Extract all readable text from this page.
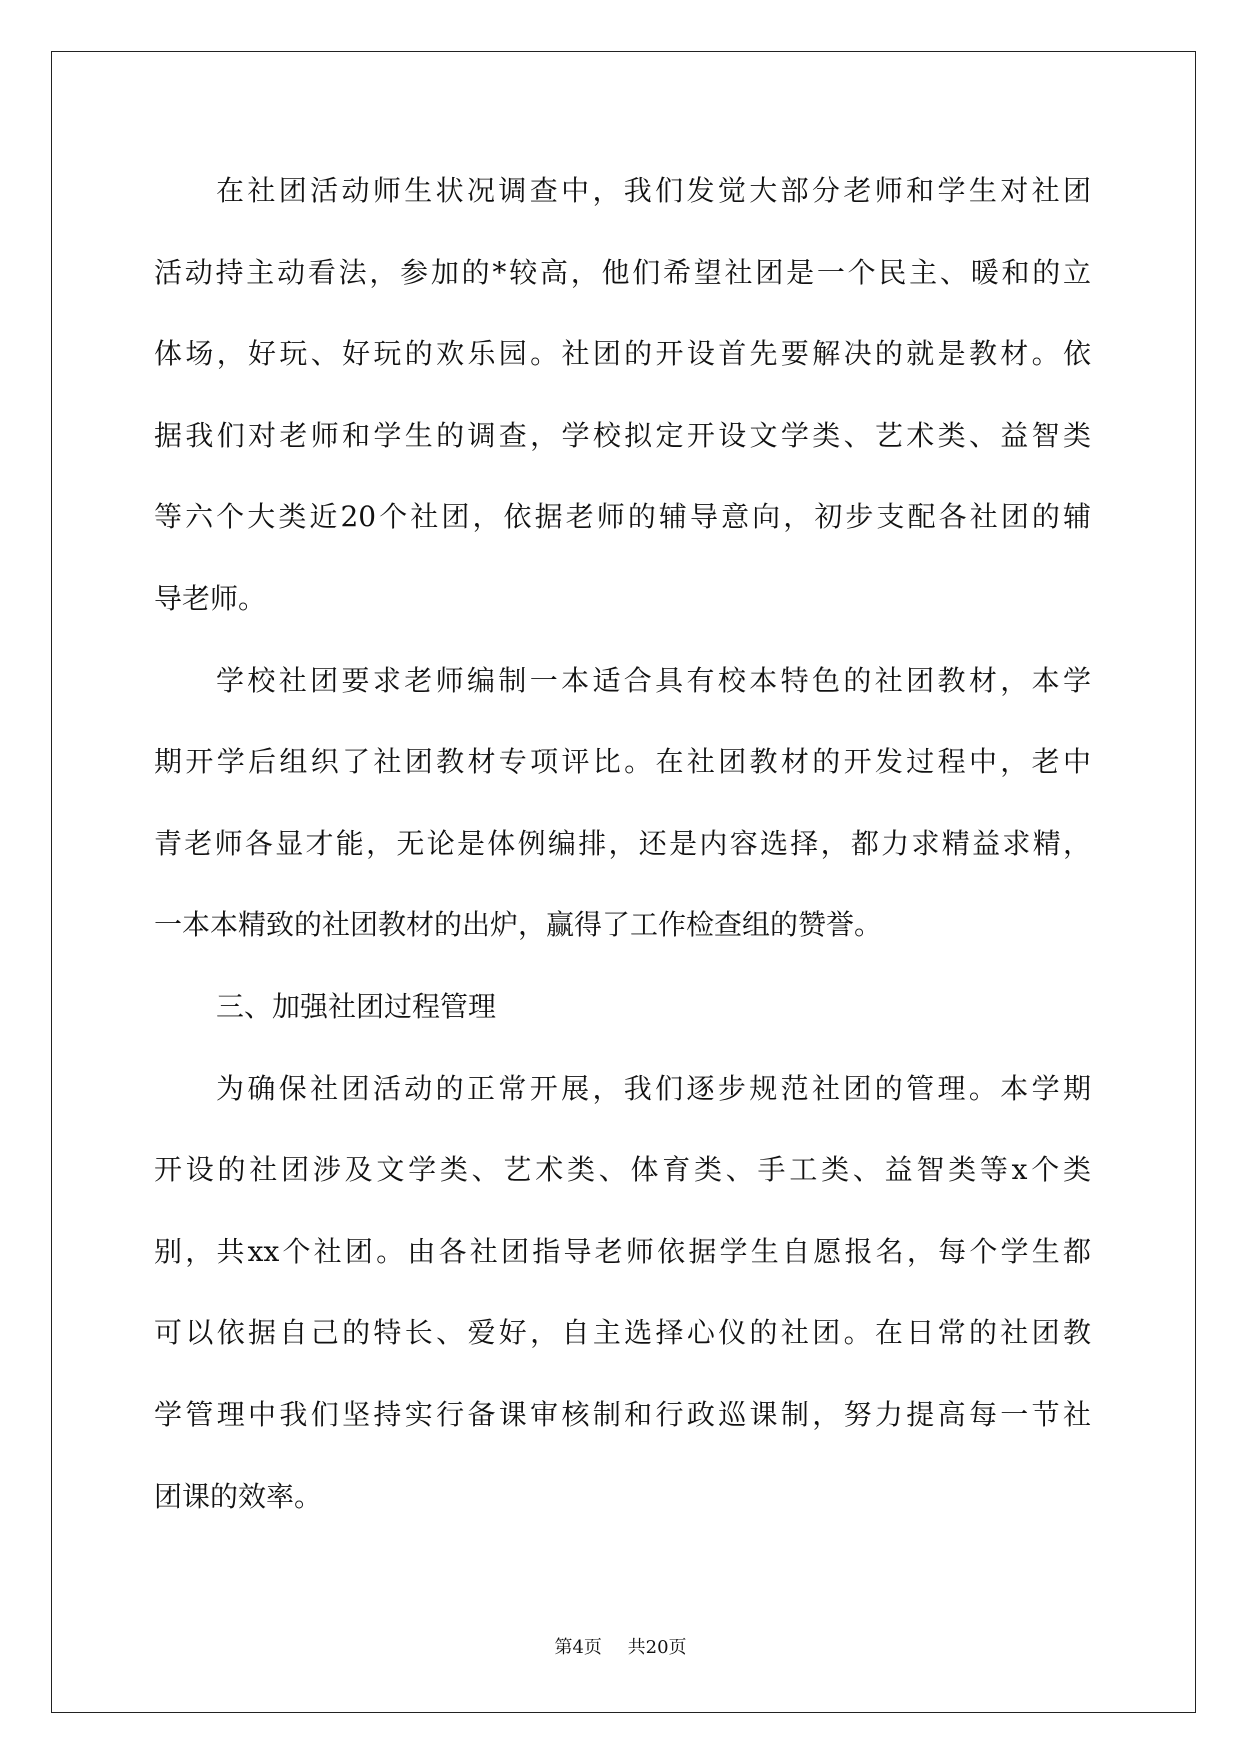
在社团活动师生状况调查中，我们发觉大部分老师和学生对社团
活动持主动看法，参加的*较高，他们希望社团是一个民主、暖和的立
体场，好玩、好玩的欢乐园。社团的开设首先要解决的就是教材。依
据我们对老师和学生的调查，学校拟定开设文学类、艺术类、益智类
等六个大类近20个社团，依据老师的辅导意向，初步支配各社团的辅
导老师。
学校社团要求老师编制一本适合具有校本特色的社团教材，本学
期开学后组织了社团教材专项评比。在社团教材的开发过程中，老中
青老师各显才能，无论是体例编排，还是内容选择，都力求精益求精，
一本本精致的社团教材的出炉，赢得了工作检查组的赞誉。
三、加强社团过程管理
为确保社团活动的正常开展，我们逐步规范社团的管理。本学期
开设的社团涉及文学类、艺术类、体育类、手工类、益智类等x个类
别，共xx个社团。由各社团指导老师依据学生自愿报名，每个学生都
可以依据自己的特长、爱好，自主选择心仪的社团。在日常的社团教
学管理中我们坚持实行备课审核制和行政巡课制，努力提高每一节社
团课的效率。
第4页 共20页
